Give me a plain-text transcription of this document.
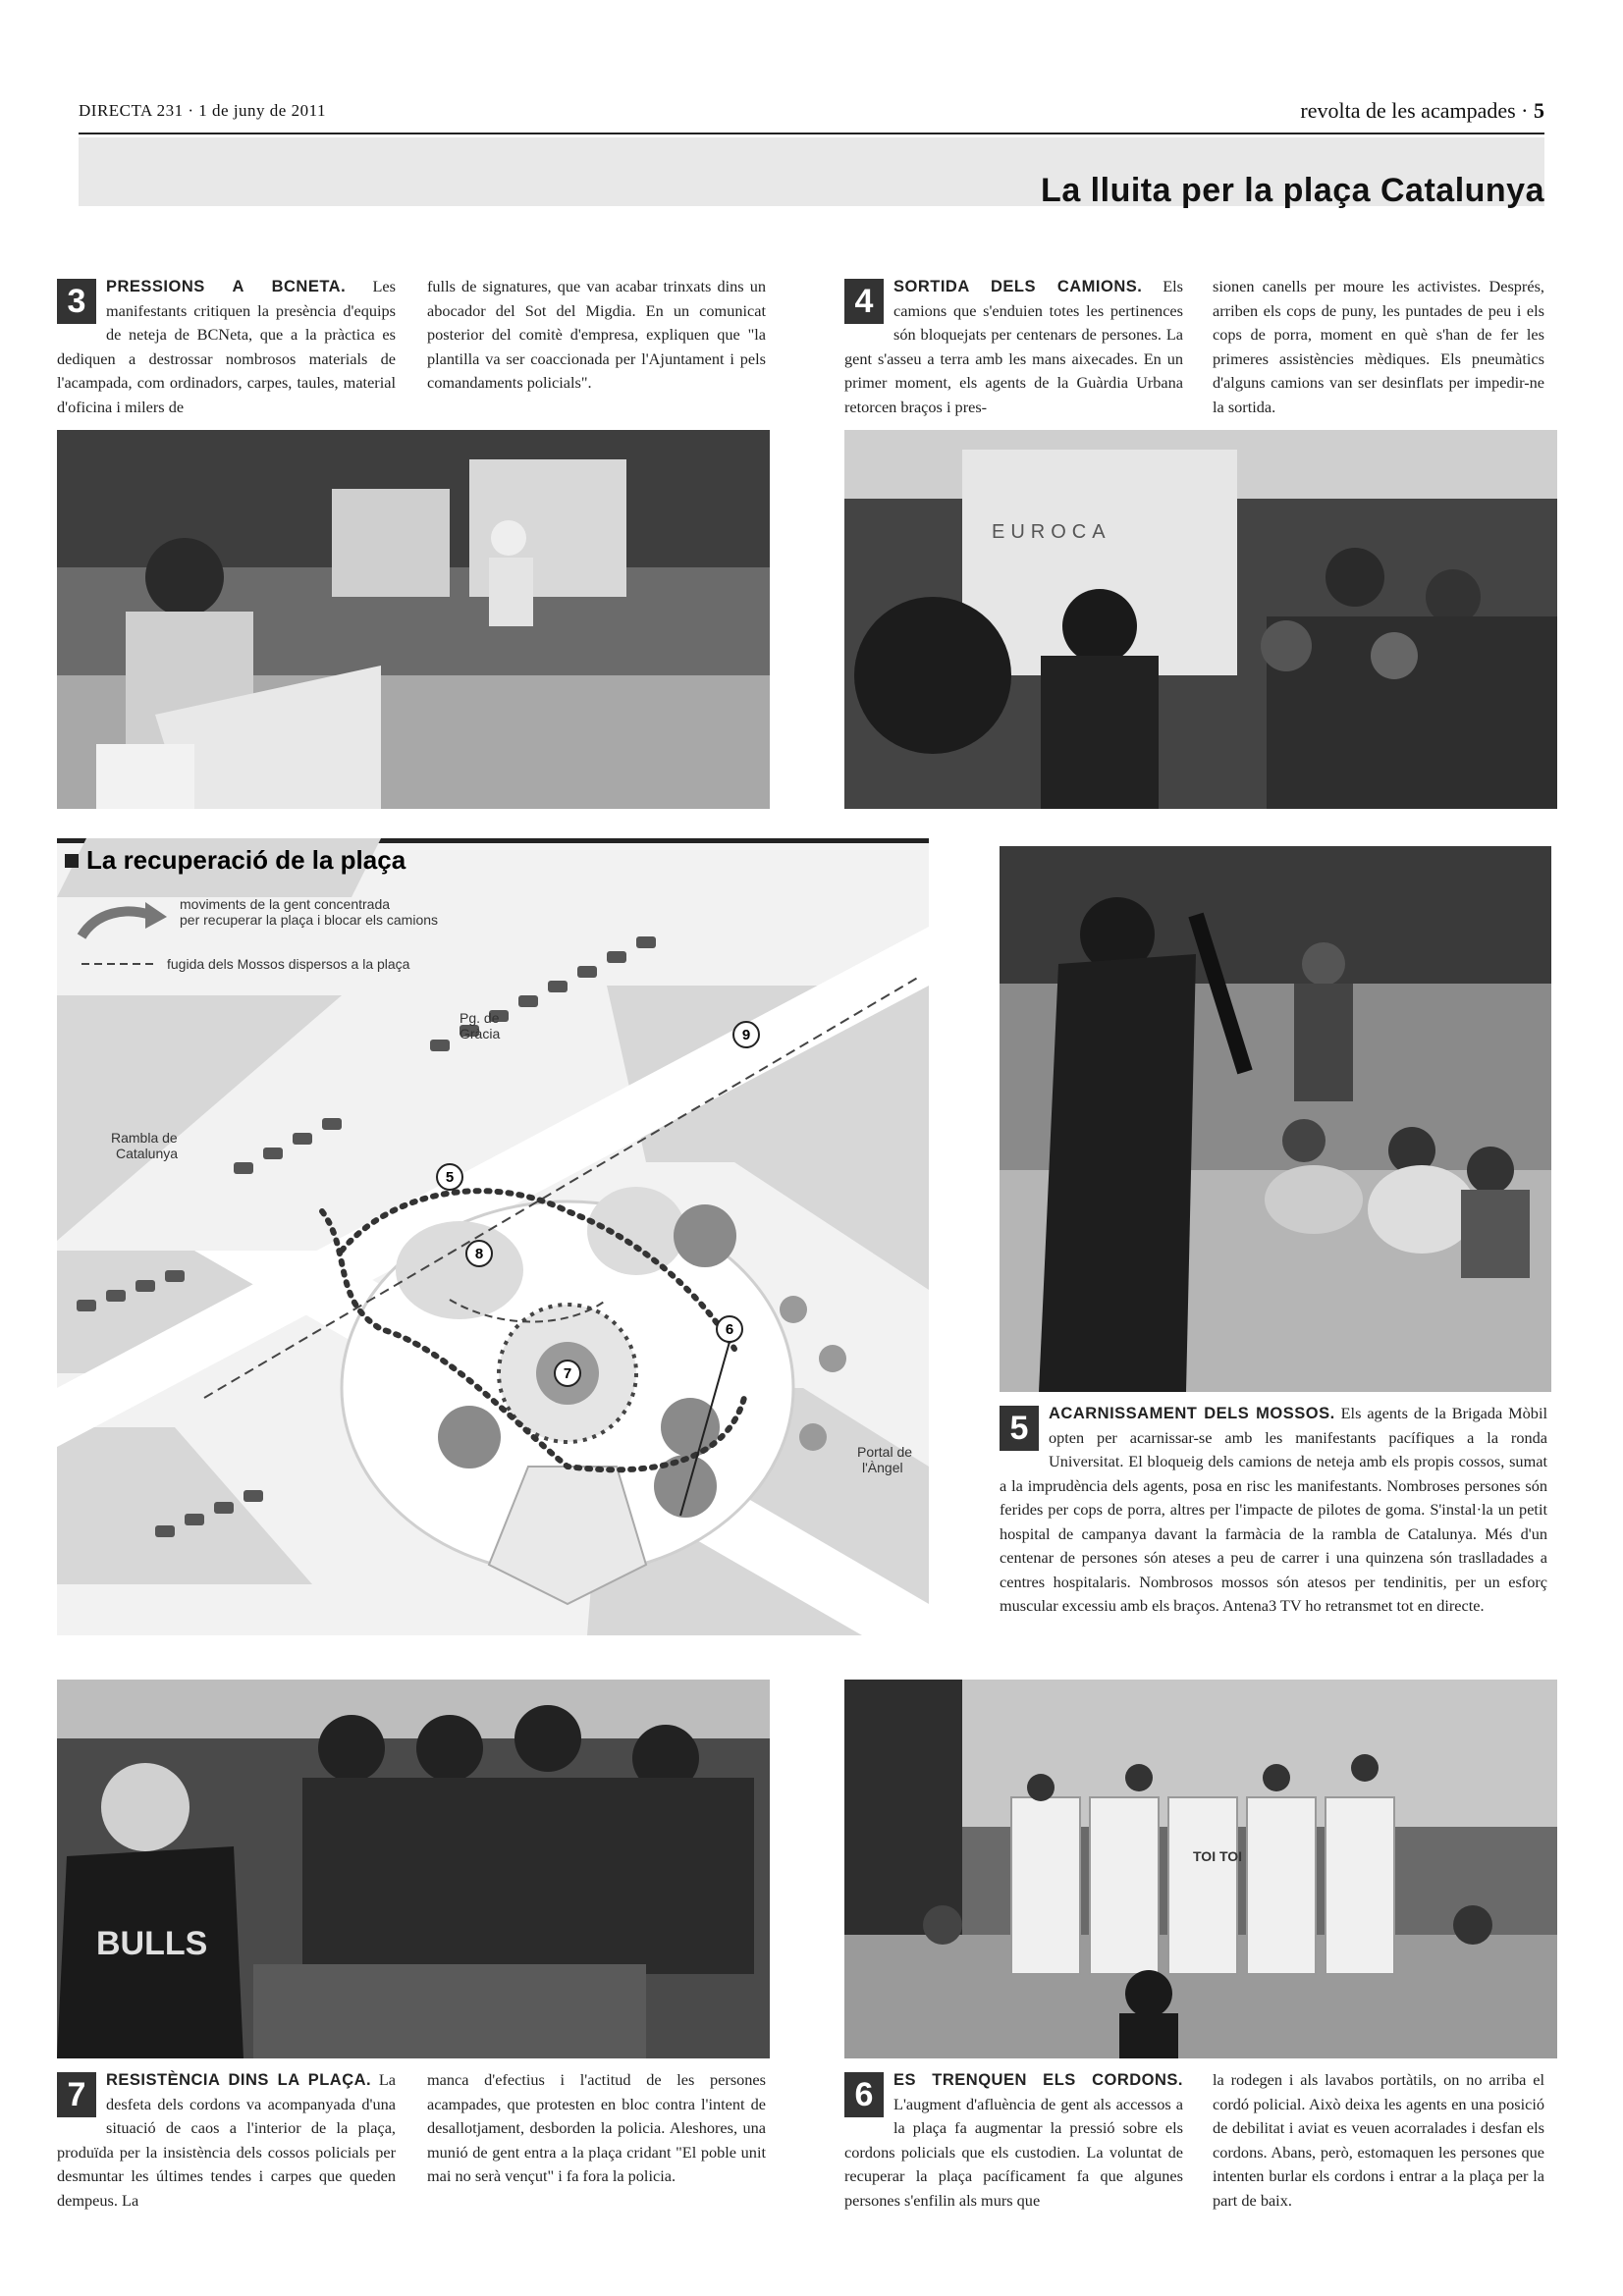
DIRECTA 231 · 1 de juny de 2011	revolta de les acampades · 5
La lluita per la plaça Catalunya
3	PRESSIONS A BCNETA. Les manifestants critiquen la presència d'equips de neteja de BCNeta, que a la pràctica es dediquen a destrossar nombrosos materials de l'acampada, com ordinadors, carpes, taules, material d'oficina i milers de
fulls de signatures, que van acabar trinxats dins un abocador del Sot del Migdia. En un comunicat posterior del comitè d'empresa, expliquen que "la plantilla va ser coaccionada per l'Ajuntament i pels comandaments policials".
4	SORTIDA DELS CAMIONS. Els camions que s'enduien totes les pertinences són bloquejats per centenars de persones. La gent s'asseu a terra amb les mans aixecades. En un primer moment, els agents de la Guàrdia Urbana retorcen braços i pres-
sionen canells per moure les activistes. Després, arriben els cops de puny, les puntades de peu i els cops de porra, moment en què s'han de fer les primeres assistències mèdiques. Els pneumàtics d'alguns camions van ser desinflats per impedir-ne la sortida.
EUROCA
La recuperació de la plaça
moviments de la gent concentrada
per recuperar la plaça i blocar els camions
fugida dels Mossos dispersos a la plaça
Pg. de
Gràcia
Rambla de
Catalunya
Portal de
l'Àngel
5
6
7
8
9
5	ACARNISSAMENT DELS MOSSOS. Els agents de la Brigada Mòbil opten per acarnissar-se amb les manifestants pacífiques a la ronda Universitat. El bloqueig dels camions de neteja amb els propis cossos, sumat a la imprudència dels agents, posa en risc les manifestants. Nombroses persones són ferides per cops de porra, altres per l'impacte de pilotes de goma. S'instal·la un petit hospital de campanya davant la farmàcia de la rambla de Catalunya. Més d'un centenar de persones són ateses a peu de carrer i una quinzena són traslladades a centres hospitalaris. Nombrosos mossos són atesos per tendinitis, per un esforç muscular excessiu amb els braços. Antena3 TV ho retransmet tot en directe.
BULLS
TOI TOI
7	RESISTÈNCIA DINS LA PLAÇA. La desfeta dels cordons va acompanyada d'una situació de caos a l'interior de la plaça, produïda per la insistència dels cossos policials per desmuntar les últimes tendes i carpes que queden dempeus. La
manca d'efectius i l'actitud de les persones acampades, que protesten en bloc contra l'intent de desallotjament, desborden la policia. Aleshores, una munió de gent entra a la plaça cridant "El poble unit mai no serà vençut" i fa fora la policia.
6	ES TRENQUEN ELS CORDONS. L'augment d'afluència de gent als accessos a la plaça fa augmentar la pressió sobre els cordons policials que els custodien. La voluntat de recuperar la plaça pacíficament fa que algunes persones s'enfilin als murs que
la rodegen i als lavabos portàtils, on no arriba el cordó policial. Això deixa les agents en una posició de debilitat i aviat es veuen acorralades i desfan els cordons. Abans, però, estomaquen les persones que intenten burlar els cordons i entrar a la plaça per la part de baix.
